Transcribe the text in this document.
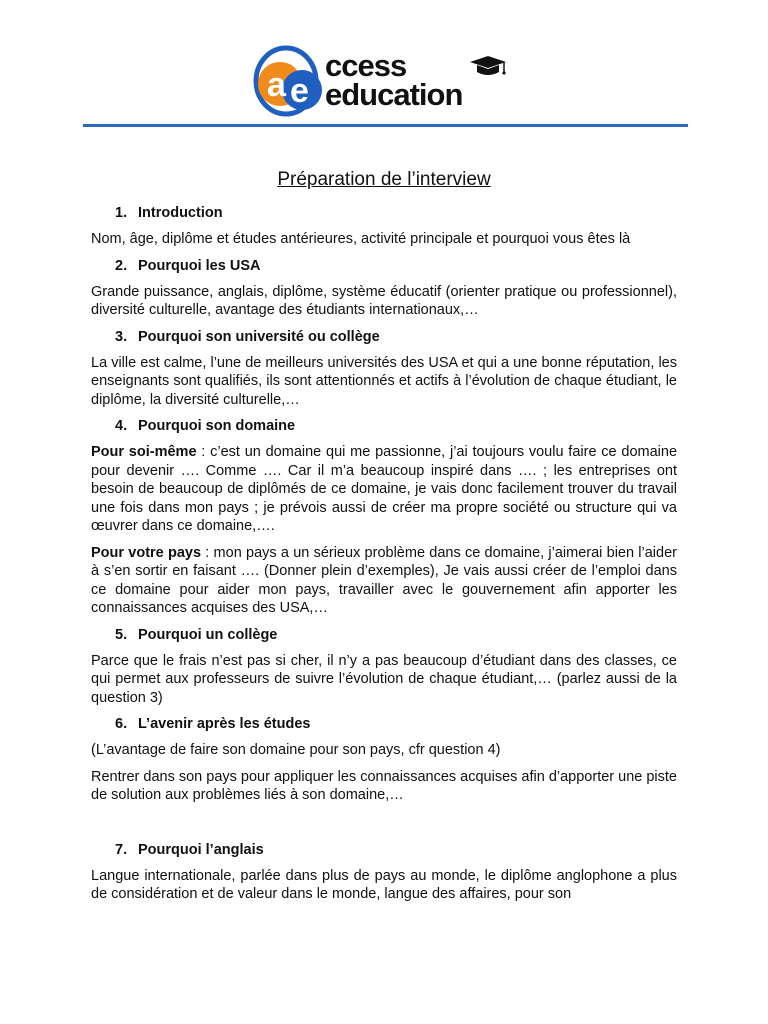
a e
ccess
education
Préparation de l’interview
1. Introduction

Nom, âge, diplôme et études antérieures, activité principale et pourquoi vous êtes là

2. Pourquoi les USA

Grande puissance, anglais, diplôme, système éducatif (orienter pratique ou professionnel), diversité culturelle, avantage des étudiants internationaux,…

3. Pourquoi son université ou collège

La ville est calme, l’une de meilleurs universités des USA et qui a une bonne réputation, les enseignants sont qualifiés, ils sont attentionnés et actifs à l’évolution de chaque étudiant, le diplôme, la diversité culturelle,…

4. Pourquoi son domaine

Pour soi-même : c’est un domaine qui me passionne, j’ai toujours voulu faire ce domaine pour devenir …. Comme …. Car il m’a beaucoup inspiré dans …. ; les entreprises ont besoin de beaucoup de diplômés de ce domaine, je vais donc facilement trouver du travail une fois dans mon pays ; je prévois aussi de créer ma propre société ou structure qui va œuvrer dans ce domaine,….

Pour votre pays : mon pays a un sérieux problème dans ce domaine, j’aimerai bien l’aider à s’en sortir en faisant …. (Donner plein d’exemples), Je vais aussi créer de l’emploi dans ce domaine pour aider mon pays, travailler avec le gouvernement afin apporter les connaissances acquises des USA,…

5. Pourquoi un collège

Parce que le frais n’est pas si cher, il n’y a pas beaucoup d’étudiant dans des classes, ce qui permet aux professeurs de suivre l’évolution de chaque étudiant,… (parlez aussi de la question 3)

6. L’avenir après les études

(L’avantage de faire son domaine pour son pays, cfr question 4)

Rentrer dans son pays pour appliquer les connaissances acquises afin d’apporter une piste de solution aux problèmes liés à son domaine,…

7. Pourquoi l’anglais

Langue internationale, parlée dans plus de pays au monde, le diplôme anglophone a plus de considération et de valeur dans le monde, langue des affaires, pour son
